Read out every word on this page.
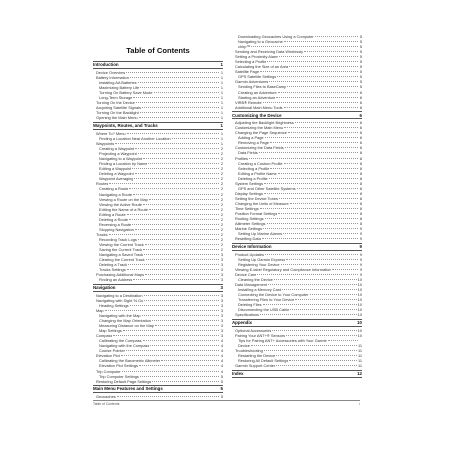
Table of Contents
Introduction	1
Device Overview	1
Battery Information	1
Installing AA Batteries	1
Maximizing Battery Life	1
Turning On Battery Save Mode	1
Long-Term Storage	1
Turning On the Device	1
Acquiring Satellite Signals	1
Turning On the Backlight	1
Opening the Main Menu	1
Waypoints, Routes, and Tracks	1
Where To? Menu	1
Finding a Location Near Another Location	1
Waypoints	1
Creating a Waypoint	2
Projecting a Waypoint	2
Navigating to a Waypoint	2
Finding a Location by Name	2
Editing a Waypoint	2
Deleting a Waypoint	2
Waypoint Averaging	2
Routes	2
Creating a Route	2
Navigating a Route	2
Viewing a Route on the Map	2
Viewing the Active Route	2
Editing the Name of a Route	2
Editing a Route	2
Deleting a Route	2
Reversing a Route	2
Stopping Navigation	2
Tracks	2
Recording Track Logs	2
Viewing the Current Track	2
Saving the Current Track	2
Navigating a Saved Track	3
Clearing the Current Track	3
Deleting a Track	3
Tracks Settings	3
Purchasing Additional Maps	3
Finding an Address	3
Navigation	3
Navigating to a Destination	3
Navigating with Sight 'N Go	3
Heading Settings	3
Map	3
Navigating with the Map	3
Changing the Map Orientation	3
Measuring Distance on the Map	3
Map Settings	3
Compass	3
Calibrating the Compass	4
Navigating with the Compass	4
Course Pointer	4
Elevation Plot	4
Calibrating the Barometric Altimeter	4
Elevation Plot Settings	4
Trip Computer	4
Trip Computer Settings	5
Restoring Default Page Settings	5
Main Menu Features and Settings	5
Geocaches	5
Downloading Geocaches Using a Computer	5
Navigating to a Geocache	5
chirp™	5
Sending and Receiving Data Wirelessly	5
Setting a Proximity Alarm	5
Selecting a Profile	5
Calculating the Size of an Area	5
Satellite Page	5
GPS Satellite Settings	5
Garmin Adventures	5
Sending Files to BaseCamp	5
Creating an Adventure	6
Starting an Adventure	6
VIRB® Remote	6
Additional Main Menu Tools	6
Customizing the Device	6
Adjusting the Backlight Brightness	6
Customizing the Main Menu	6
Changing the Page Sequence	6
Adding a Page	6
Removing a Page	6
Customizing the Data Fields	6
Data Fields	6
Profiles	8
Creating a Custom Profile	8
Selecting a Profile	8
Editing a Profile Name	8
Deleting a Profile	8
System Settings	8
GPS and Other Satellite Systems	8
Display Settings	8
Setting the Device Tones	8
Changing the Units of Measure	8
Time Settings	8
Position Format Settings	8
Routing Settings	8
Altimeter Settings	8
Marine Settings	9
Setting Up Marine Alarms	9
Resetting Data	9
Device Information	9
Product Updates	9
Setting Up Garmin Express	9
Registering Your Device	9
Viewing E-label Regulatory and Compliance Information	9
Device Care	9
Cleaning the Device	10
Data Management	10
Installing a Memory Card	10
Connecting the Device to Your Computer	10
Transferring Files to Your Device	10
Deleting Files	10
Disconnecting the USB Cable	10
Specifications	10
Appendix	10
Optional Accessories	10
Pairing Your ANT+® Sensors	10
Tips for Pairing ANT+ Accessories with Your Garmin
Device	11
Troubleshooting	11
Restarting the Device	11
Restoring All Default Settings	11
Garmin Support Center	11
Index	12
Table of Contents	i
